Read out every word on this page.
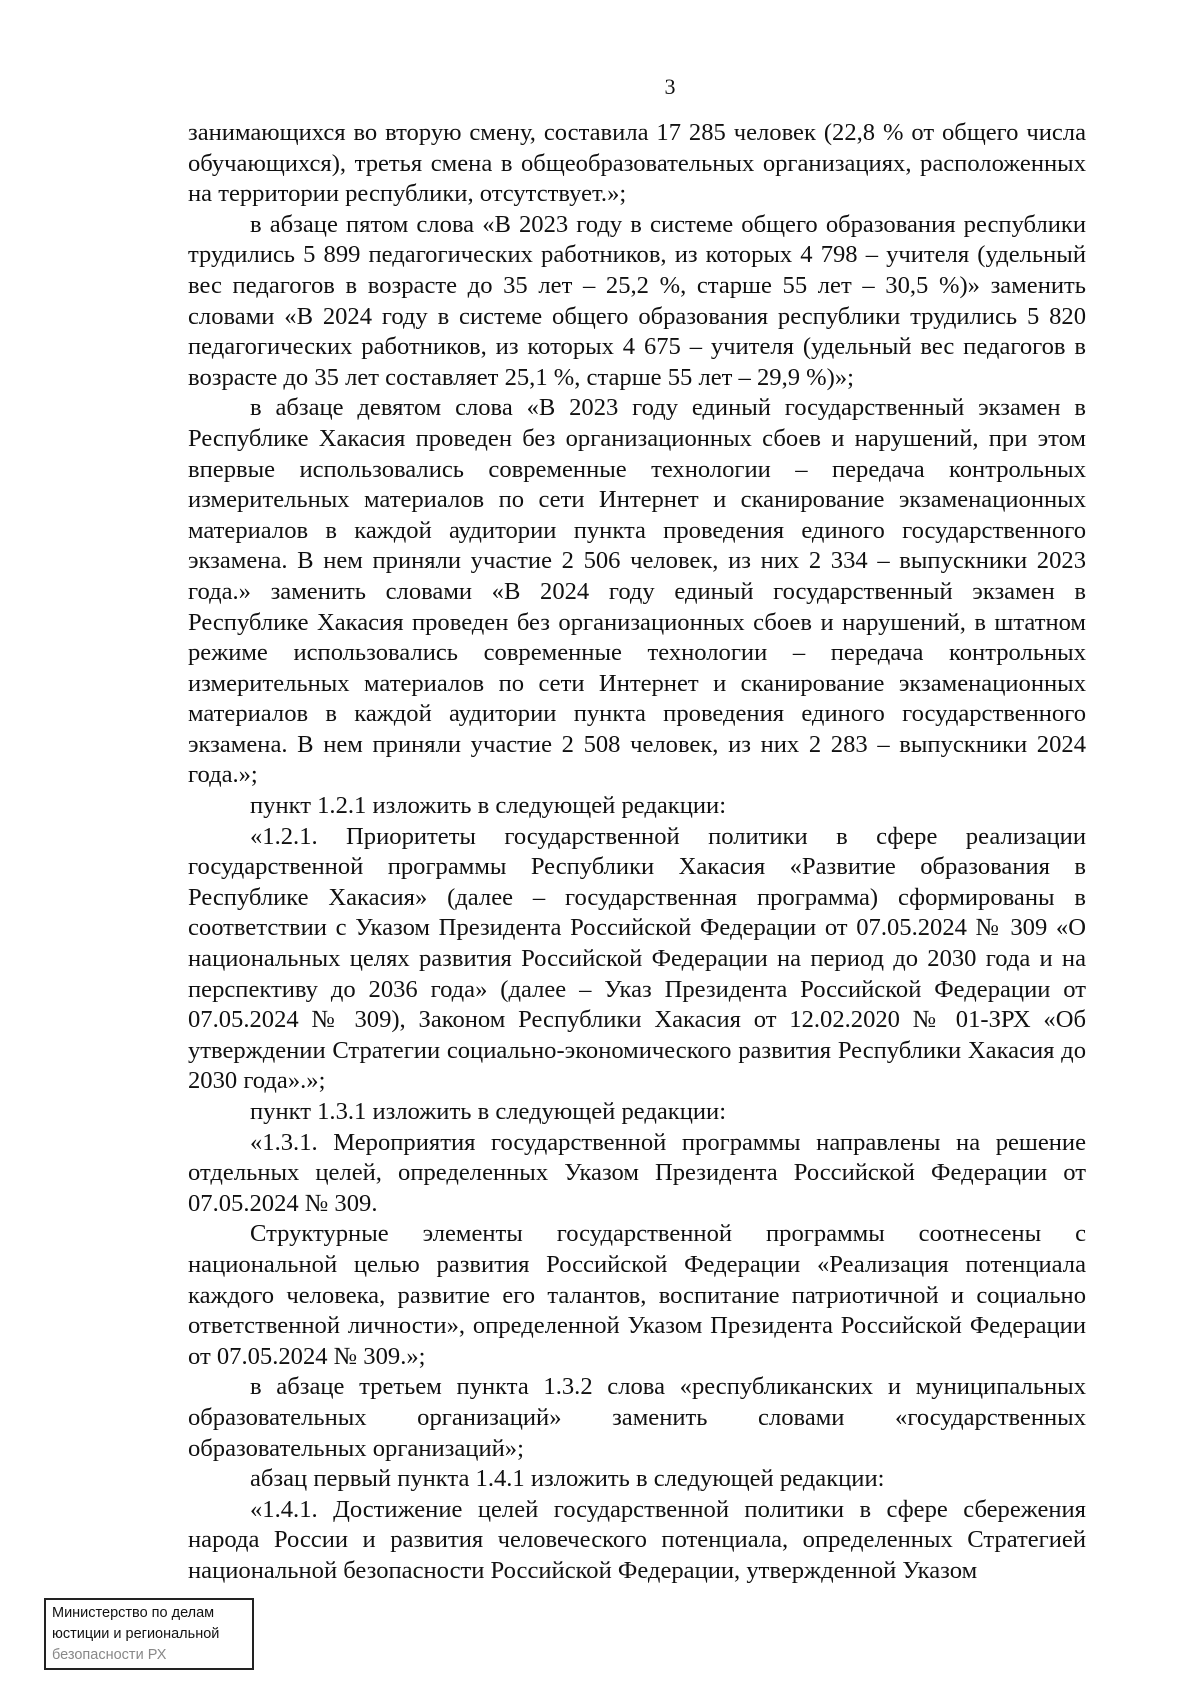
3

занимающихся во вторую смену, составила 17 285 человек (22,8 % от общего числа обучающихся), третья смена в общеобразовательных организациях, расположенных на территории республики, отсутствует.»;

в абзаце пятом слова «В 2023 году в системе общего образования республики трудились 5 899 педагогических работников, из которых 4 798 – учителя (удельный вес педагогов в возрасте до 35 лет – 25,2 %, старше 55 лет – 30,5 %)» заменить словами «В 2024 году в системе общего образования республики трудились 5 820 педагогических работников, из которых 4 675 – учителя (удельный вес педагогов в возрасте до 35 лет составляет 25,1 %, старше 55 лет – 29,9 %)»;

в абзаце девятом слова «В 2023 году единый государственный экзамен в Республике Хакасия проведен без организационных сбоев и нарушений, при этом впервые использовались современные технологии – передача контрольных измерительных материалов по сети Интернет и сканирование экзаменационных материалов в каждой аудитории пункта проведения единого государственного экзамена. В нем приняли участие 2 506 человек, из них 2 334 – выпускники 2023 года.» заменить словами «В 2024 году единый государственный экзамен в Республике Хакасия проведен без организационных сбоев и нарушений, в штатном режиме использовались современные технологии – передача контрольных измерительных материалов по сети Интернет и сканирование экзаменационных материалов в каждой аудитории пункта проведения единого государственного экзамена. В нем приняли участие 2 508 человек, из них 2 283 – выпускники 2024 года.»;

пункт 1.2.1 изложить в следующей редакции:

«1.2.1. Приоритеты государственной политики в сфере реализации государственной программы Республики Хакасия «Развитие образования в Республике Хакасия» (далее – государственная программа) сформированы в соответствии с Указом Президента Российской Федерации от 07.05.2024 № 309 «О национальных целях развития Российской Федерации на период до 2030 года и на перспективу до 2036 года» (далее – Указ Президента Российской Федерации от 07.05.2024 № 309), Законом Республики Хакасия от 12.02.2020 № 01-ЗРХ «Об утверждении Стратегии социально-экономического развития Республики Хакасия до 2030 года».»;

пункт 1.3.1 изложить в следующей редакции:

«1.3.1. Мероприятия государственной программы направлены на решение отдельных целей, определенных Указом Президента Российской Федерации от 07.05.2024 № 309.

Структурные элементы государственной программы соотнесены с национальной целью развития Российской Федерации «Реализация потенциала каждого человека, развитие его талантов, воспитание патриотичной и социально ответственной личности», определенной Указом Президента Российской Федерации от 07.05.2024 № 309.»;

в абзаце третьем пункта 1.3.2 слова «республиканских и муниципальных образовательных организаций» заменить словами «государственных образовательных организаций»;

абзац первый пункта 1.4.1 изложить в следующей редакции:

«1.4.1. Достижение целей государственной политики в сфере сбережения народа России и развития человеческого потенциала, определенных Стратегией национальной безопасности Российской Федерации, утвержденной Указом

Министерство по делам
юстиции и региональной
безопасности РХ
